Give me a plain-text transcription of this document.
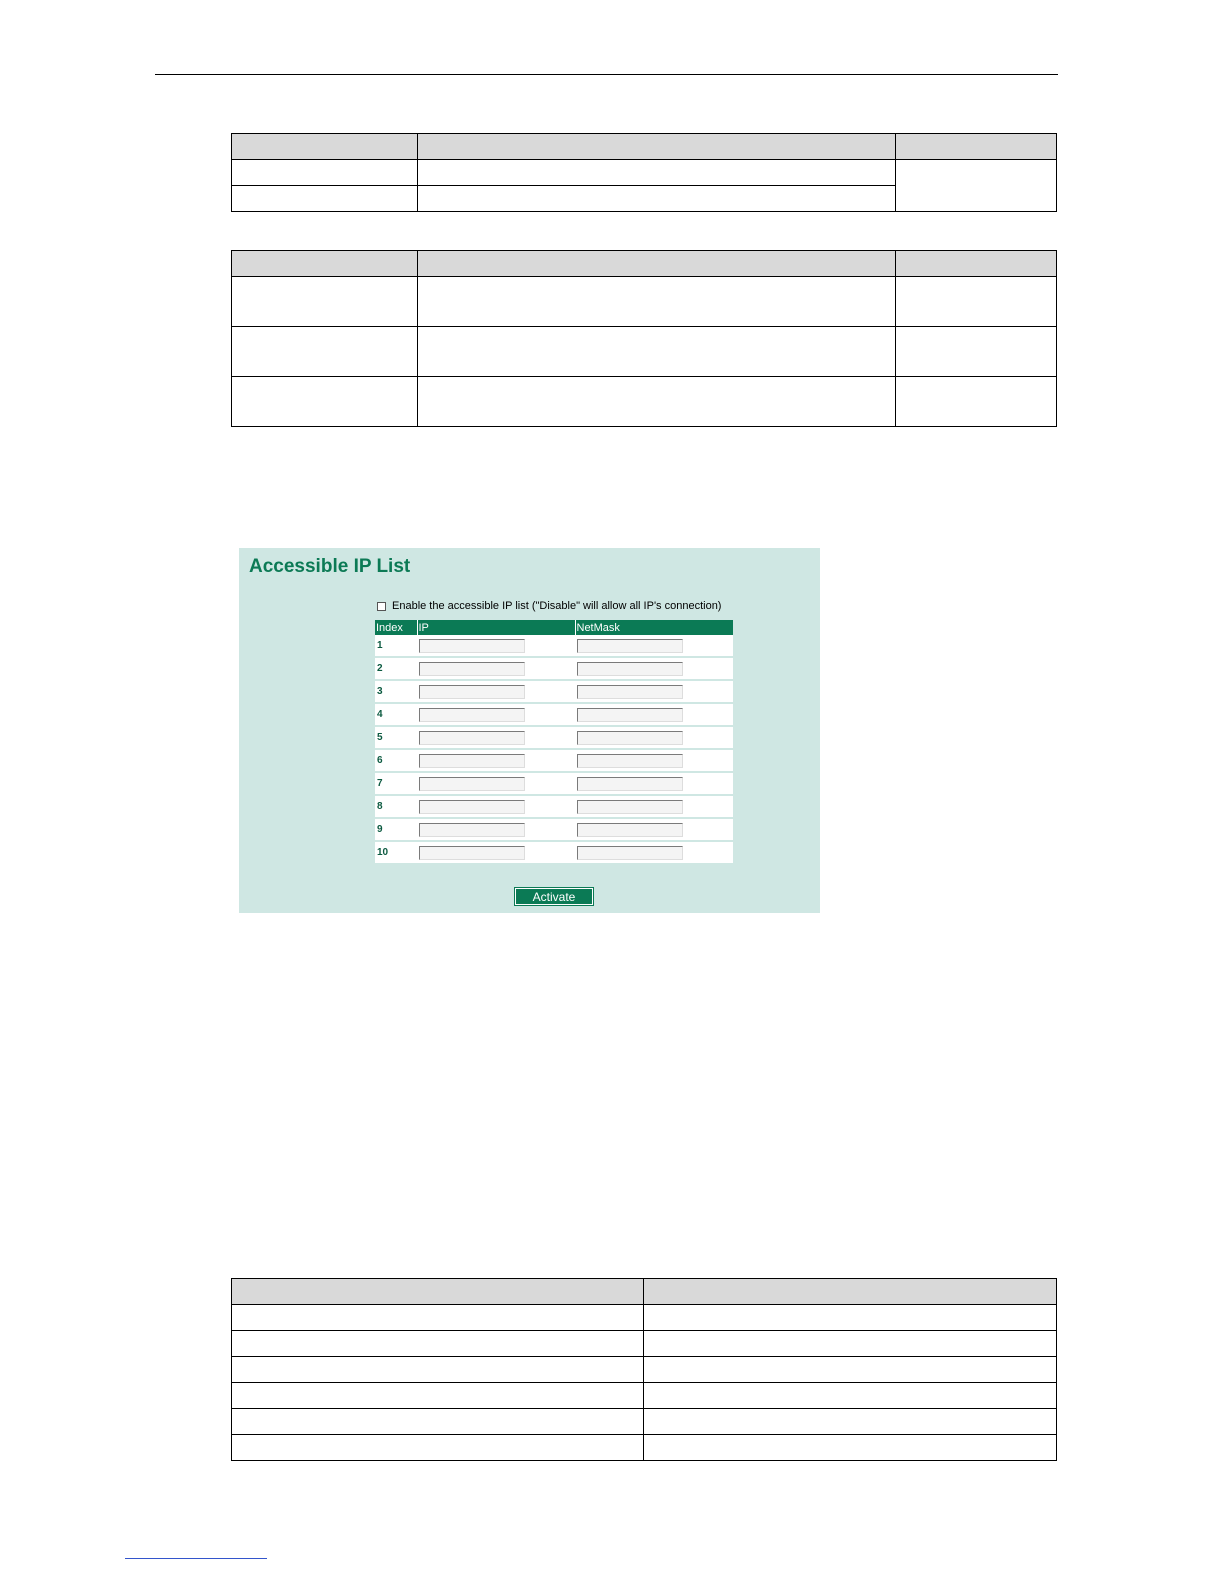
Accessible IP List
Enable the accessible IP list ("Disable" will allow all IP's connection)
Index	IP	NetMask
1	

2	

3	

4	

5	

6	

7	

8	

9	

10	

Activate
